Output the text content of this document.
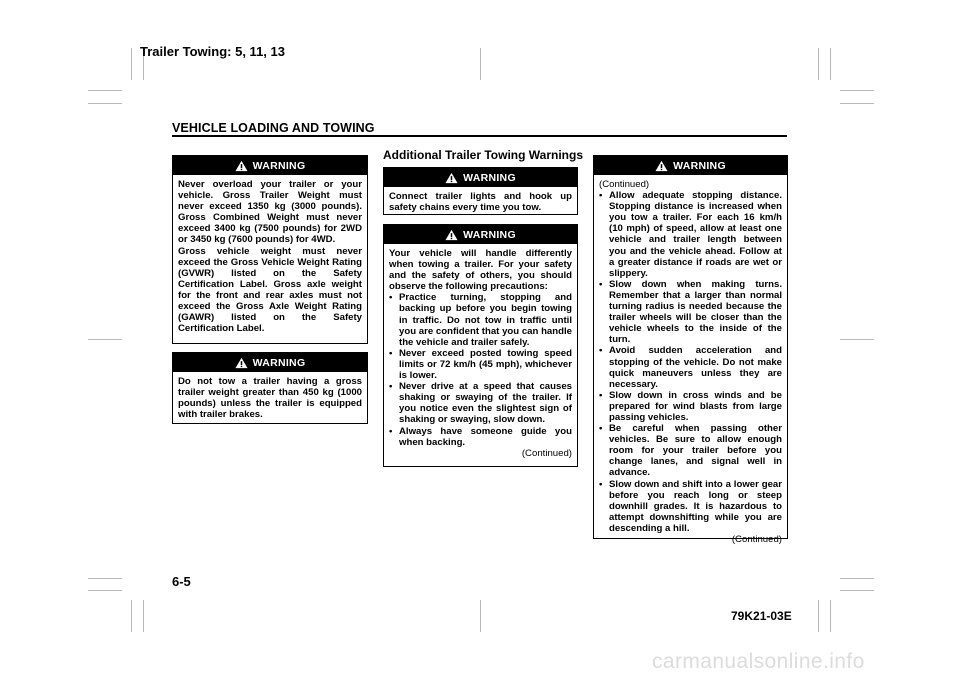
Trailer Towing: 5, 11, 13
VEHICLE LOADING AND TOWING
Additional Trailer Towing Warnings
WARNING

Never overload your trailer or your vehicle. Gross Trailer Weight must never exceed 1350 kg (3000 pounds). Gross Combined Weight must never exceed 3400 kg (7500 pounds) for 2WD or 3450 kg (7600 pounds) for 4WD.

Gross vehicle weight must never exceed the Gross Vehicle Weight Rating (GVWR) listed on the Safety Certification Label. Gross axle weight for the front and rear axles must not exceed the Gross Axle Weight Rating (GAWR) listed on the Safety Certification Label.

WARNING

Do not tow a trailer having a gross trailer weight greater than 450 kg (1000 pounds) unless the trailer is equipped with trailer brakes.

WARNING

Connect trailer lights and hook up safety chains every time you tow.

WARNING

Your vehicle will handle differently when towing a trailer. For your safety and the safety of others, you should observe the following precautions:

• Practice turning, stopping and backing up before you begin towing in traffic. Do not tow in traffic until you are confident that you can handle the vehicle and trailer safely.
• Never exceed posted towing speed limits or 72 km/h (45 mph), whichever is lower.
• Never drive at a speed that causes shaking or swaying of the trailer. If you notice even the slightest sign of shaking or swaying, slow down.
• Always have someone guide you when backing.

(Continued)

WARNING

(Continued)

• Allow adequate stopping distance. Stopping distance is increased when you tow a trailer. For each 16 km/h (10 mph) of speed, allow at least one vehicle and trailer length between you and the vehicle ahead. Follow at a greater distance if roads are wet or slippery.
• Slow down when making turns. Remember that a larger than normal turning radius is needed because the trailer wheels will be closer than the vehicle wheels to the inside of the turn.
• Avoid sudden acceleration and stopping of the vehicle. Do not make quick maneuvers unless they are necessary.
• Slow down in cross winds and be prepared for wind blasts from large passing vehicles.
• Be careful when passing other vehicles. Be sure to allow enough room for your trailer before you change lanes, and signal well in advance.
• Slow down and shift into a lower gear before you reach long or steep downhill grades. It is hazardous to attempt downshifting while you are descending a hill.

(Continued)

6-5
79K21-03E
carmanualsonline.info
